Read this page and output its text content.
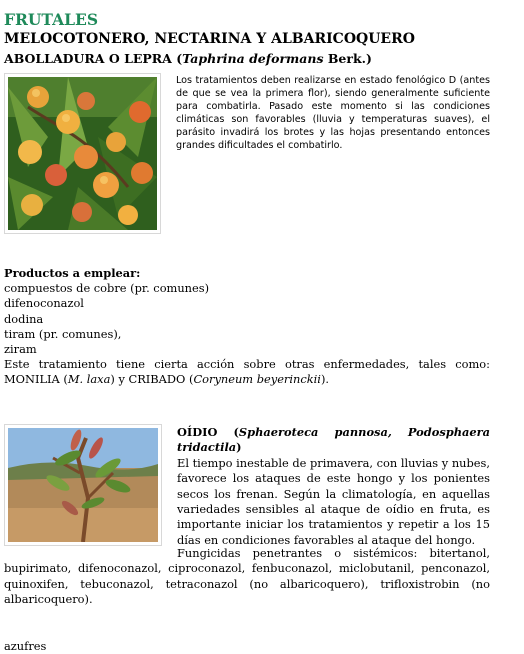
FRUTALES
MELOCOTONERO, NECTARINA Y ALBARICOQUERO
ABOLLADURA O LEPRA (Taphrina deformans Berk.)

Los tratamientos deben realizarse en estado fenológico D (antes de que se vea la primera flor), siendo generalmente suficiente para combatirla. Pasado este momento si las condiciones climáticas son favorables (lluvia y temperaturas suaves), el parásito invadirá los brotes y las hojas presentando entonces grandes dificultades el combatirlo.

Productos a emplear:

compuestos de cobre (pr. comunes)
difenoconazol
dodina
tiram (pr. comunes),
ziram

Este tratamiento tiene cierta acción sobre otras enfermedades, tales como: MONILIA (M. laxa) y CRIBADO (Coryneum beyerinckii).

OÍDIO (Sphaeroteca pannosa, Podosphaera tridactila)

El tiempo inestable de primavera, con lluvias y nubes, favorece los ataques de este hongo y los ponientes secos los frenan. Según la climatología, en aquellas variedades sensibles al ataque de oídio en fruta, es importante iniciar los tratamientos y repetir a los 15 días en condiciones favorables al ataque del hongo.

Fungicidas penetrantes o sistémicos: bitertanol, bupirimato, difenoconazol, ciproconazol, fenbuconazol, miclobutanil, penconazol, quinoxifen, tebuconazol, tetraconazol (no albaricoquero), trifloxistrobin (no albaricoquero).

azufres
